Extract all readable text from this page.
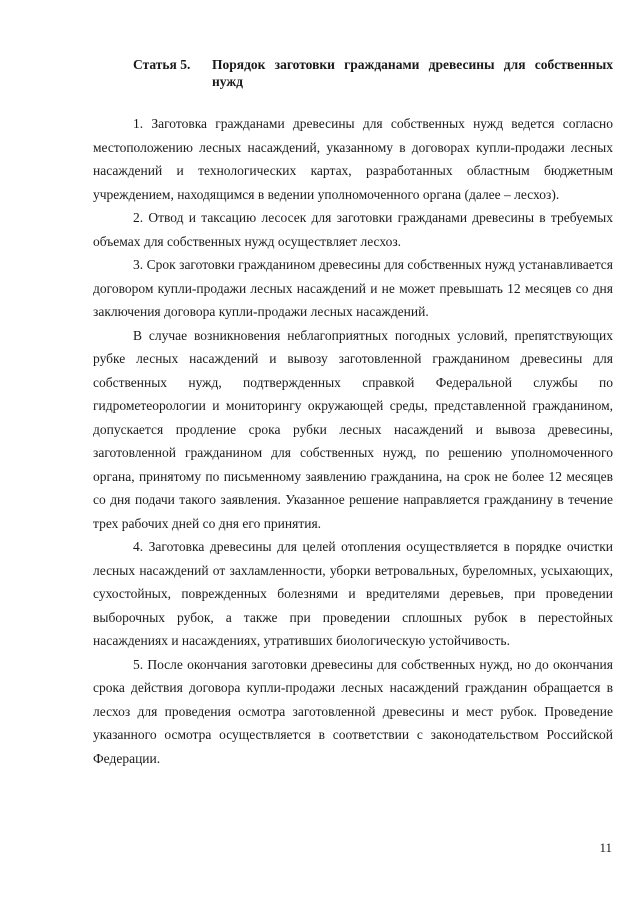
Статья 5. Порядок заготовки гражданами древесины для собственных нужд

1. Заготовка гражданами древесины для собственных нужд ведется согласно местоположению лесных насаждений, указанному в договорах купли-продажи лесных насаждений и технологических картах, разработанных областным бюджетным учреждением, находящимся в ведении уполномоченного органа (далее – лесхоз).

2. Отвод и таксацию лесосек для заготовки гражданами древесины в требуемых объемах для собственных нужд осуществляет лесхоз.

3. Срок заготовки гражданином древесины для собственных нужд устанавливается договором купли-продажи лесных насаждений и не может превышать 12 месяцев со дня заключения договора купли-продажи лесных насаждений.

В случае возникновения неблагоприятных погодных условий, препятствующих рубке лесных насаждений и вывозу заготовленной гражданином древесины для собственных нужд, подтвержденных справкой Федеральной службы по гидрометеорологии и мониторингу окружающей среды, представленной гражданином, допускается продление срока рубки лесных насаждений и вывоза древесины, заготовленной гражданином для собственных нужд, по решению уполномоченного органа, принятому по письменному заявлению гражданина, на срок не более 12 месяцев со дня подачи такого заявления. Указанное решение направляется гражданину в течение трех рабочих дней со дня его принятия.

4. Заготовка древесины для целей отопления осуществляется в порядке очистки лесных насаждений от захламленности, уборки ветровальных, буреломных, усыхающих, сухостойных, поврежденных болезнями и вредителями деревьев, при проведении выборочных рубок, а также при проведении сплошных рубок в перестойных насаждениях и насаждениях, утративших биологическую устойчивость.

5. После окончания заготовки древесины для собственных нужд, но до окончания срока действия договора купли-продажи лесных насаждений гражданин обращается в лесхоз для проведения осмотра заготовленной древесины и мест рубок. Проведение указанного осмотра осуществляется в соответствии с законодательством Российской Федерации.

11
